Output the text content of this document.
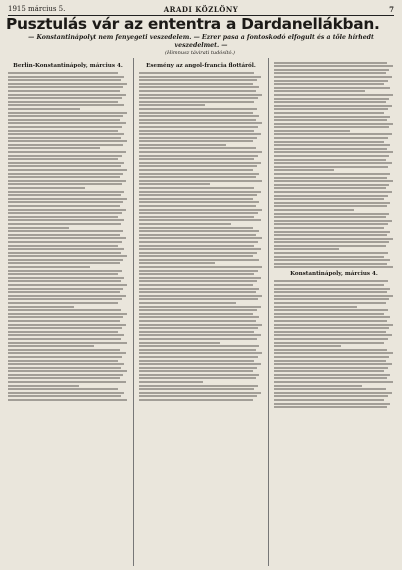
1915 március 5.	ARADI KÖZLÖNY	7
Pusztulás vár az ententra a Dardanellákban.
— Konstantinápolyt nem fenyegeti veszedelem. — Ezrer pasa a fontoskodó elfogult és a tőle hírhedt veszedelmet. —
(Himnusz távirati tudósító.)
Berlin-Konstantinápoly, március 4.	Esemény az angol-francia flottáról.
Konstantinápoly, március 4.
